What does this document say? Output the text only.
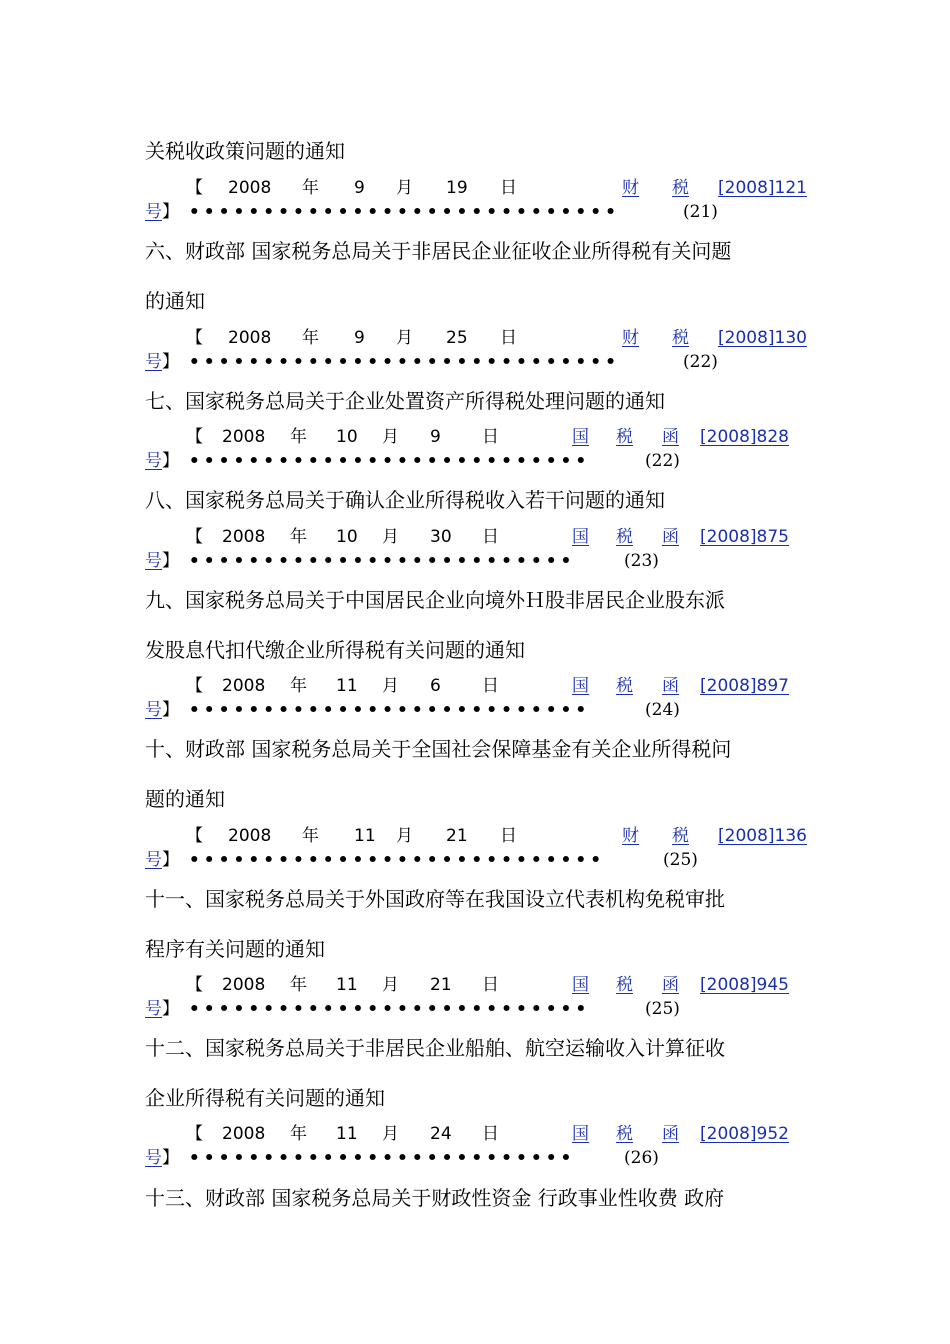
关税收政策问题的通知
【 2008 年 9 月 19 日	财 税 [2008]121
号】 •••••••••••••••••••••••••••••	(21)
六、财政部 国家税务总局关于非居民企业征收企业所得税有关问题
的通知
【 2008 年 9 月 25 日	财 税 [2008]130
号】 •••••••••••••••••••••••••••••	(22)
七、国家税务总局关于企业处置资产所得税处理问题的通知
【 2008 年 10 月 9 日	国 税 函 [2008]828
号】 •••••••••••••••••••••••••••	(22)
八、国家税务总局关于确认企业所得税收入若干问题的通知
【 2008 年 10 月 30 日	国 税 函 [2008]875
号】 ••••••••••••••••••••••••••	(23)
九、国家税务总局关于中国居民企业向境外Ｈ股非居民企业股东派
发股息代扣代缴企业所得税有关问题的通知
【 2008 年 11 月 6 日	国 税 函 [2008]897
号】 •••••••••••••••••••••••••••	(24)
十、财政部 国家税务总局关于全国社会保障基金有关企业所得税问
题的通知
【 2008 年 11 月 21 日	财 税 [2008]136
号】 ••••••••••••••••••••••••••••	(25)
十一、国家税务总局关于外国政府等在我国设立代表机构免税审批
程序有关问题的通知
【 2008 年 11 月 21 日	国 税 函 [2008]945
号】 •••••••••••••••••••••••••••	(25)
十二、国家税务总局关于非居民企业船舶、航空运输收入计算征收
企业所得税有关问题的通知
【 2008 年 11 月 24 日	国 税 函 [2008]952
号】 ••••••••••••••••••••••••••	(26)
十三、财政部 国家税务总局关于财政性资金 行政事业性收费 政府
